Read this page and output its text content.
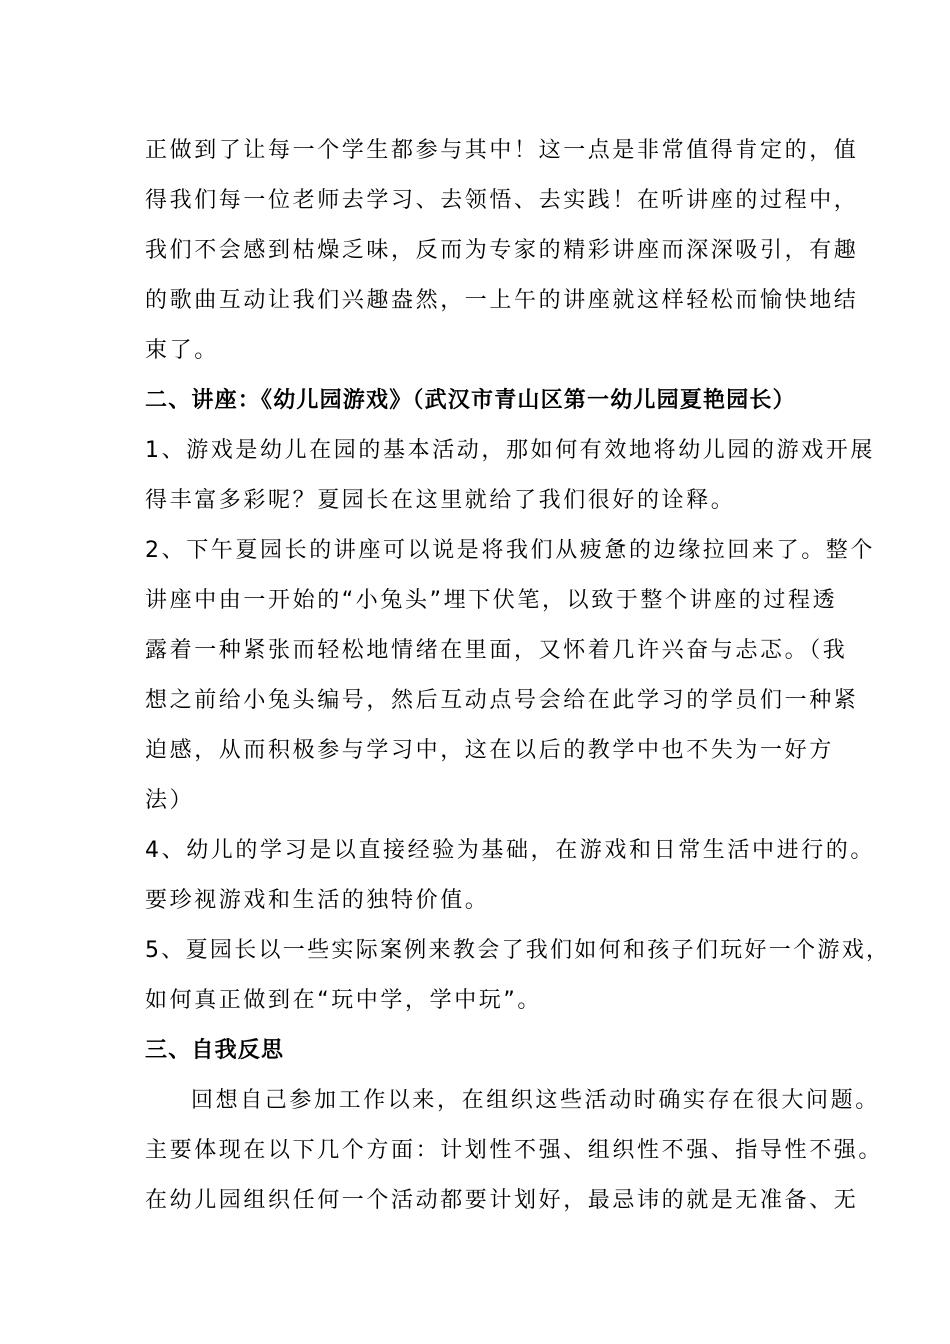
正做到了让每一个学生都参与其中！这一点是非常值得肯定的，值
得我们每一位老师去学习、去领悟、去实践！在听讲座的过程中，
我们不会感到枯燥乏味，反而为专家的精彩讲座而深深吸引，有趣
的歌曲互动让我们兴趣盎然，一上午的讲座就这样轻松而愉快地结
束了。
二、讲座：《幼儿园游戏》（武汉市青山区第一幼儿园夏艳园长）
1、游戏是幼儿在园的基本活动，那如何有效地将幼儿园的游戏开展
得丰富多彩呢？夏园长在这里就给了我们很好的诠释。
2、下午夏园长的讲座可以说是将我们从疲惫的边缘拉回来了。整个
讲座中由一开始的“小兔头”埋下伏笔，以致于整个讲座的过程透
露着一种紧张而轻松地情绪在里面，又怀着几许兴奋与忐忑。（我
想之前给小兔头编号，然后互动点号会给在此学习的学员们一种紧
迫感，从而积极参与学习中，这在以后的教学中也不失为一好方
法）
4、幼儿的学习是以直接经验为基础，在游戏和日常生活中进行的。
要珍视游戏和生活的独特价值。
5、夏园长以一些实际案例来教会了我们如何和孩子们玩好一个游戏，
如何真正做到在“玩中学，学中玩”。
三、自我反思
回想自己参加工作以来，在组织这些活动时确实存在很大问题。
主要体现在以下几个方面：计划性不强、组织性不强、指导性不强。
在幼儿园组织任何一个活动都要计划好，最忌讳的就是无准备、无
